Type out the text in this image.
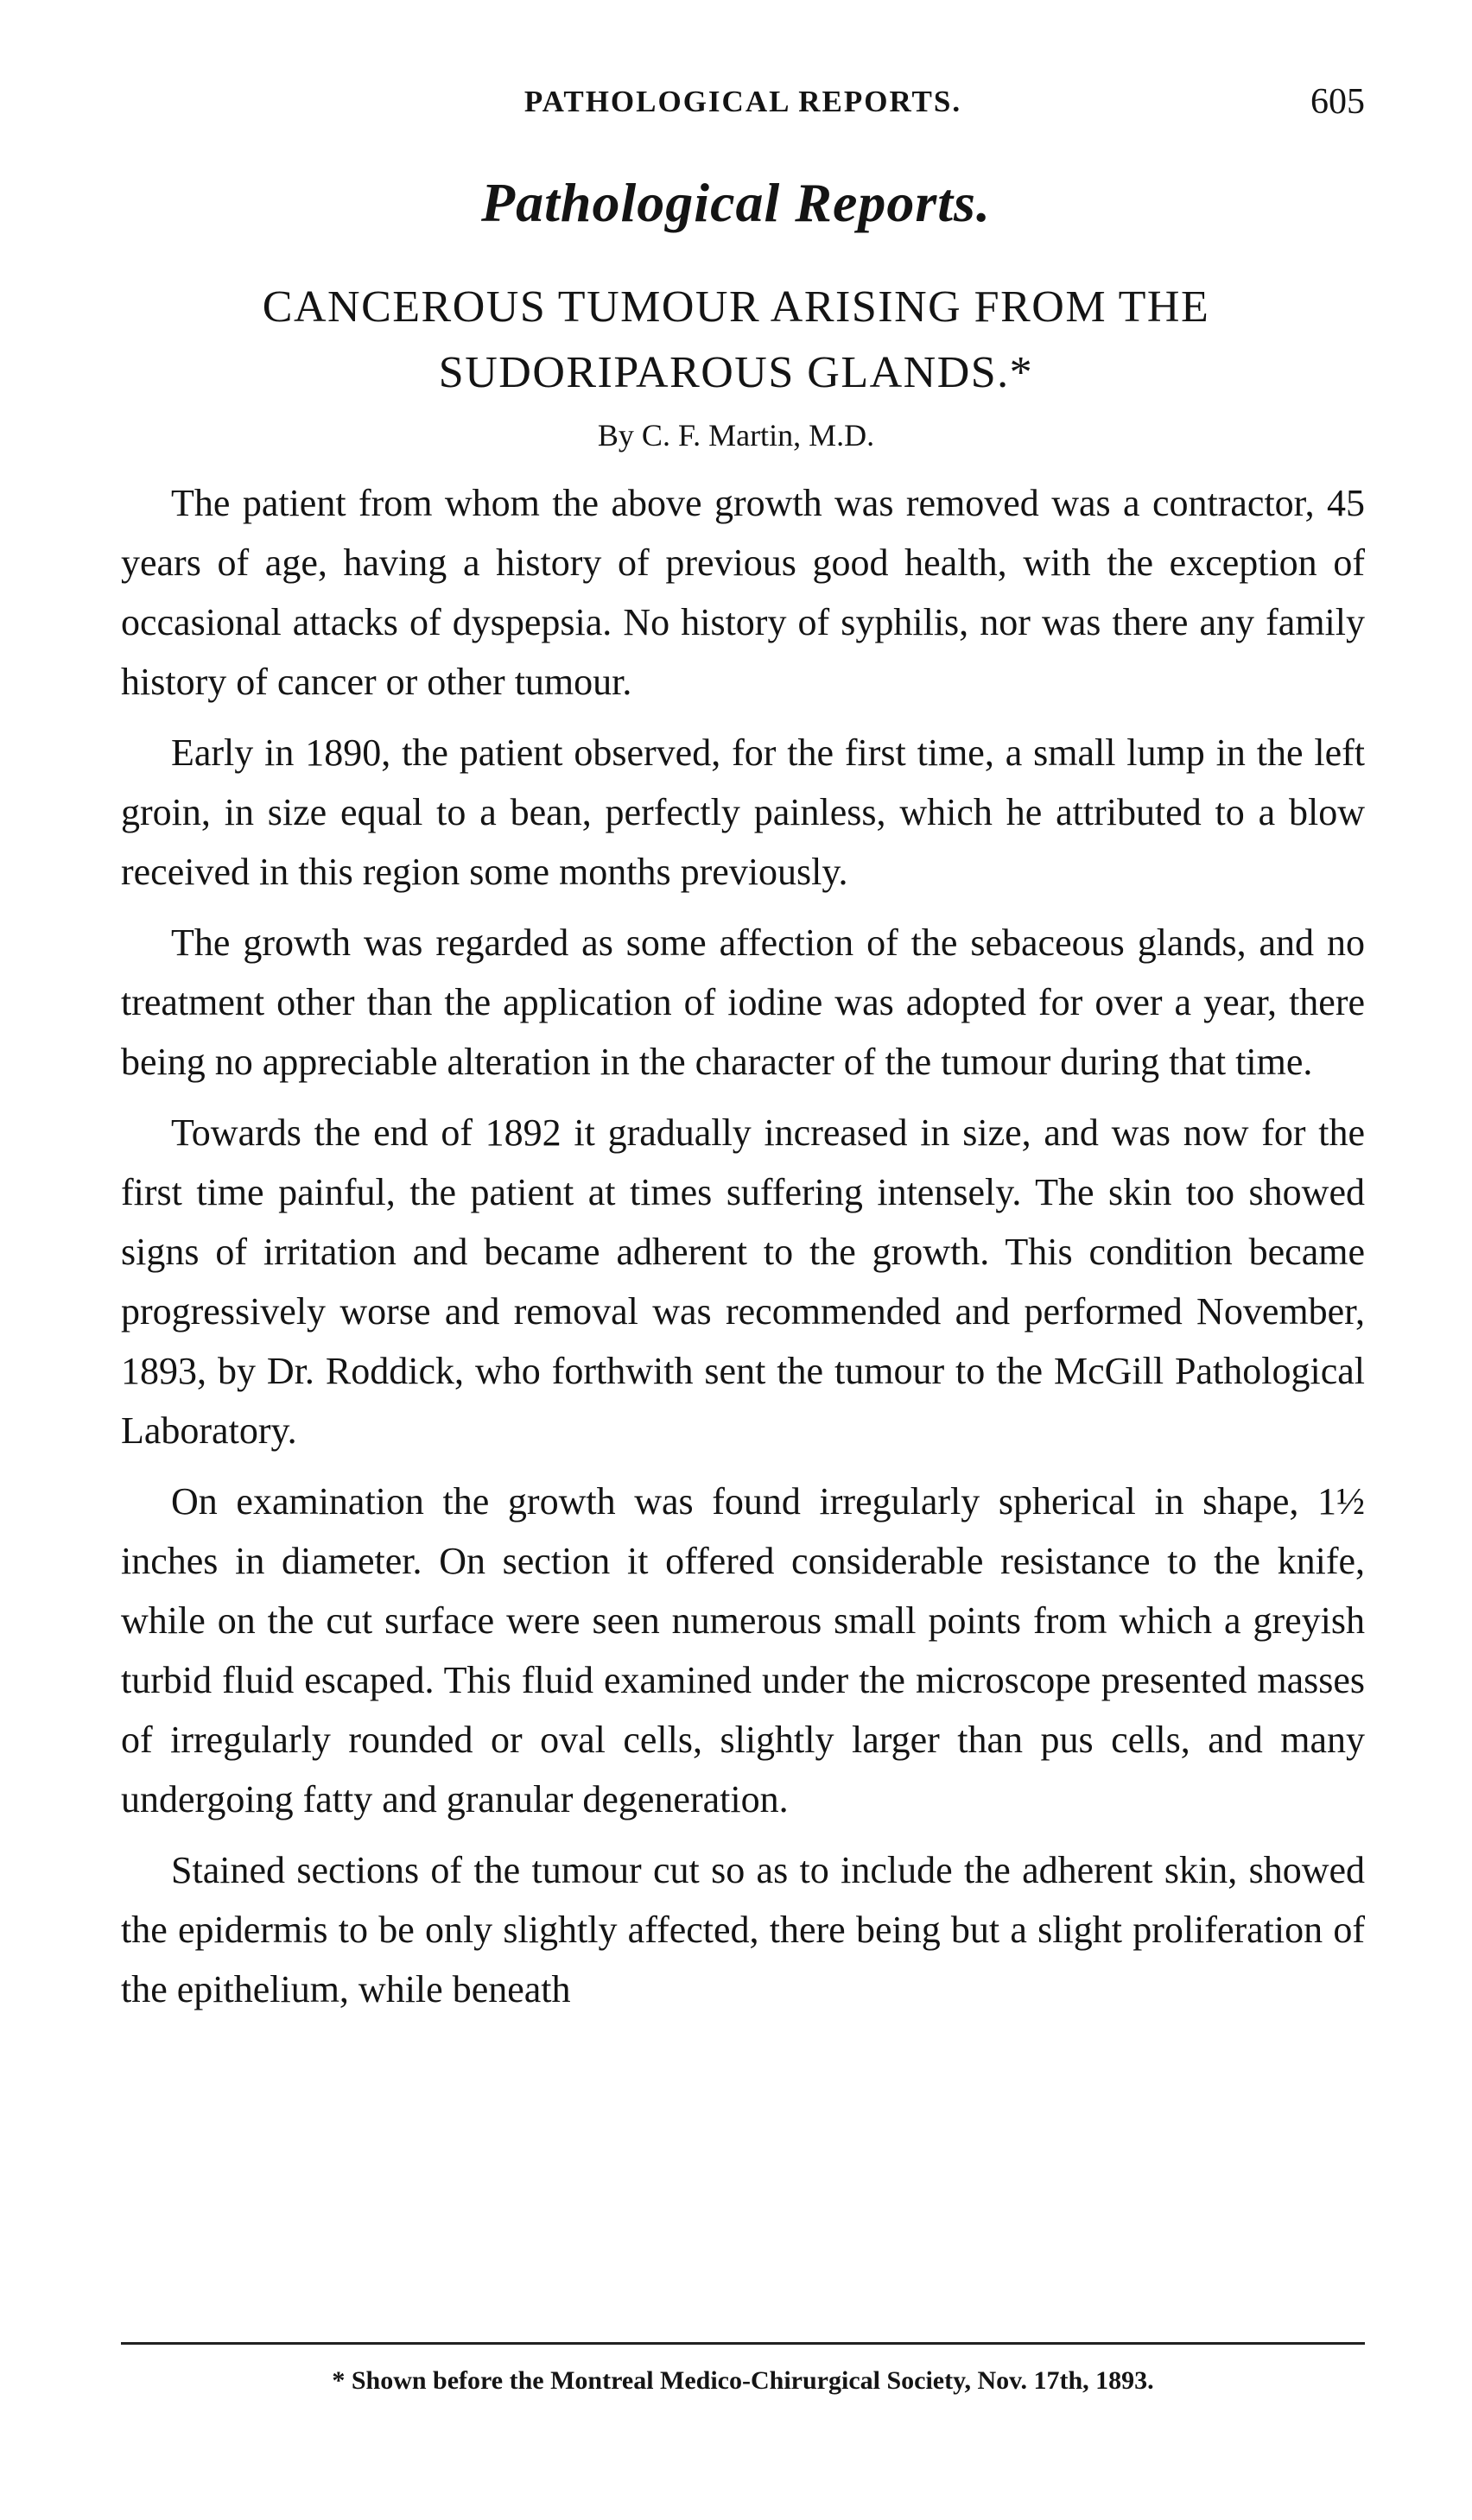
PATHOLOGICAL REPORTS.	605
Pathological Reports.
CANCEROUS TUMOUR ARISING FROM THE
SUDORIPAROUS GLANDS.*
By C. F. Martin, M.D.

The patient from whom the above growth was removed was a contractor, 45 years of age, having a history of previous good health, with the exception of occasional attacks of dyspepsia. No history of syphilis, nor was there any family history of cancer or other tumour.

Early in 1890, the patient observed, for the first time, a small lump in the left groin, in size equal to a bean, perfectly painless, which he attributed to a blow received in this region some months previously.

The growth was regarded as some affection of the sebaceous glands, and no treatment other than the application of iodine was adopted for over a year, there being no appreciable alteration in the character of the tumour during that time.

Towards the end of 1892 it gradually increased in size, and was now for the first time painful, the patient at times suffering intensely. The skin too showed signs of irritation and became adherent to the growth. This condition became progressively worse and removal was recommended and performed November, 1893, by Dr. Roddick, who forthwith sent the tumour to the McGill Pathological Laboratory.

On examination the growth was found irregularly spherical in shape, 1½ inches in diameter. On section it offered considerable resistance to the knife, while on the cut surface were seen numerous small points from which a greyish turbid fluid escaped. This fluid examined under the microscope presented masses of irregularly rounded or oval cells, slightly larger than pus cells, and many undergoing fatty and granular degeneration.

Stained sections of the tumour cut so as to include the adherent skin, showed the epidermis to be only slightly affected, there being but a slight proliferation of the epithelium, while beneath

* Shown before the Montreal Medico-Chirurgical Society, Nov. 17th, 1893.
